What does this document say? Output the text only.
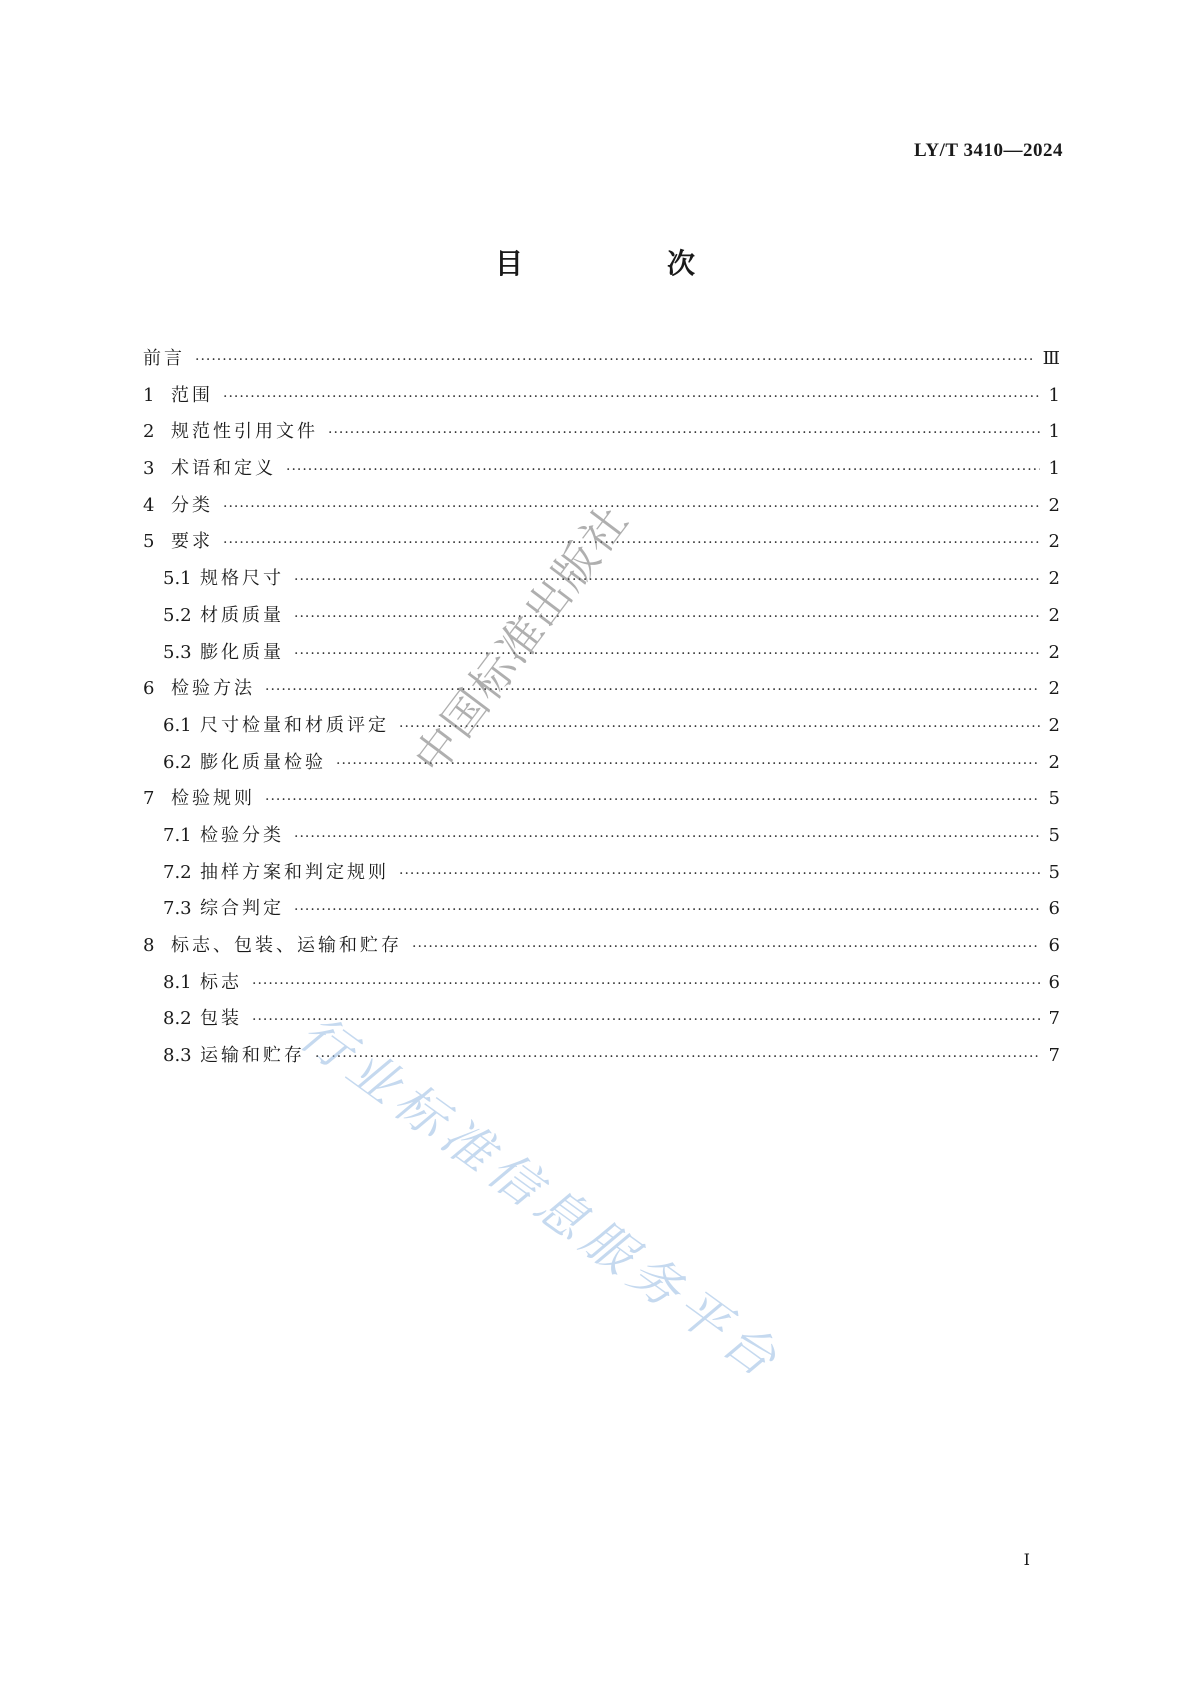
LY/T 3410—2024
目　次
前言 ·····	Ⅲ
1 范围 ·····	1
2 规范性引用文件 ·····	1
3 术语和定义 ·····	1
4 分类 ·····	2
5 要求 ·····	2
5.1 规格尺寸 ·····	2
5.2 材质质量 ·····	2
5.3 膨化质量 ·····	2
6 检验方法 ·····	2
6.1 尺寸检量和材质评定 ·····	2
6.2 膨化质量检验 ·····	2
7 检验规则 ·····	5
7.1 检验分类 ·····	5
7.2 抽样方案和判定规则 ·····	5
7.3 综合判定 ·····	6
8 标志、包装、运输和贮存 ·····	6
8.1 标志 ·····	6
8.2 包装 ·····	7
8.3 运输和贮存 ·····	7
I
中国标准出版社
行业标准信息服务平台
